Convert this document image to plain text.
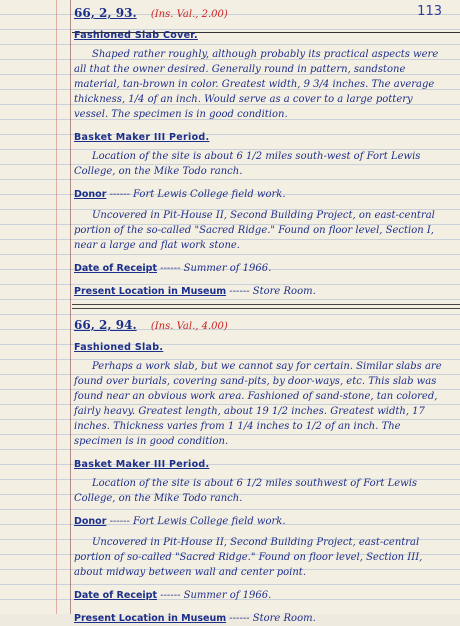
113
66, 2, 93. (Ins. Val., 2.00)
Fashioned Slab Cover.

Shaped rather roughly, although probably its practical aspects were all that the owner desired. Generally round in pattern, sandstone material, tan-brown in color. Greatest width, 9 3/4 inches. The average thickness, 1/4 of an inch. Would serve as a cover to a large pottery vessel. The specimen is in good condition.

Basket Maker III Period.

Location of the site is about 6 1/2 miles south-west of Fort Lewis College, on the Mike Todo ranch.

Donor ------ Fort Lewis College field work.

Uncovered in Pit-House II, Second Building Project, on east-central portion of the so-called "Sacred Ridge." Found on floor level, Section I, near a large and flat work stone.

Date of Receipt ------ Summer of 1966.
Present Location in Museum ------ Store Room.
66, 2, 94. (Ins. Val., 4.00)
Fashioned Slab.

Perhaps a work slab, but we cannot say for certain. Similar slabs are found over burials, covering sand-pits, by door-ways, etc. This slab was found near an obvious work area. Fashioned of sand-stone, tan colored, fairly heavy. Greatest length, about 19 1/2 inches. Greatest width, 17 inches. Thickness varies from 1 1/4 inches to 1/2 of an inch. The specimen is in good condition.

Basket Maker III Period.

Location of the site is about 6 1/2 miles southwest of Fort Lewis College, on the Mike Todo ranch.

Donor ------ Fort Lewis College field work.

Uncovered in Pit-House II, Second Building Project, east-central portion of so-called "Sacred Ridge." Found on floor level, Section III, about midway between wall and center point.

Date of Receipt ------ Summer of 1966.
Present Location in Museum ------ Store Room.
